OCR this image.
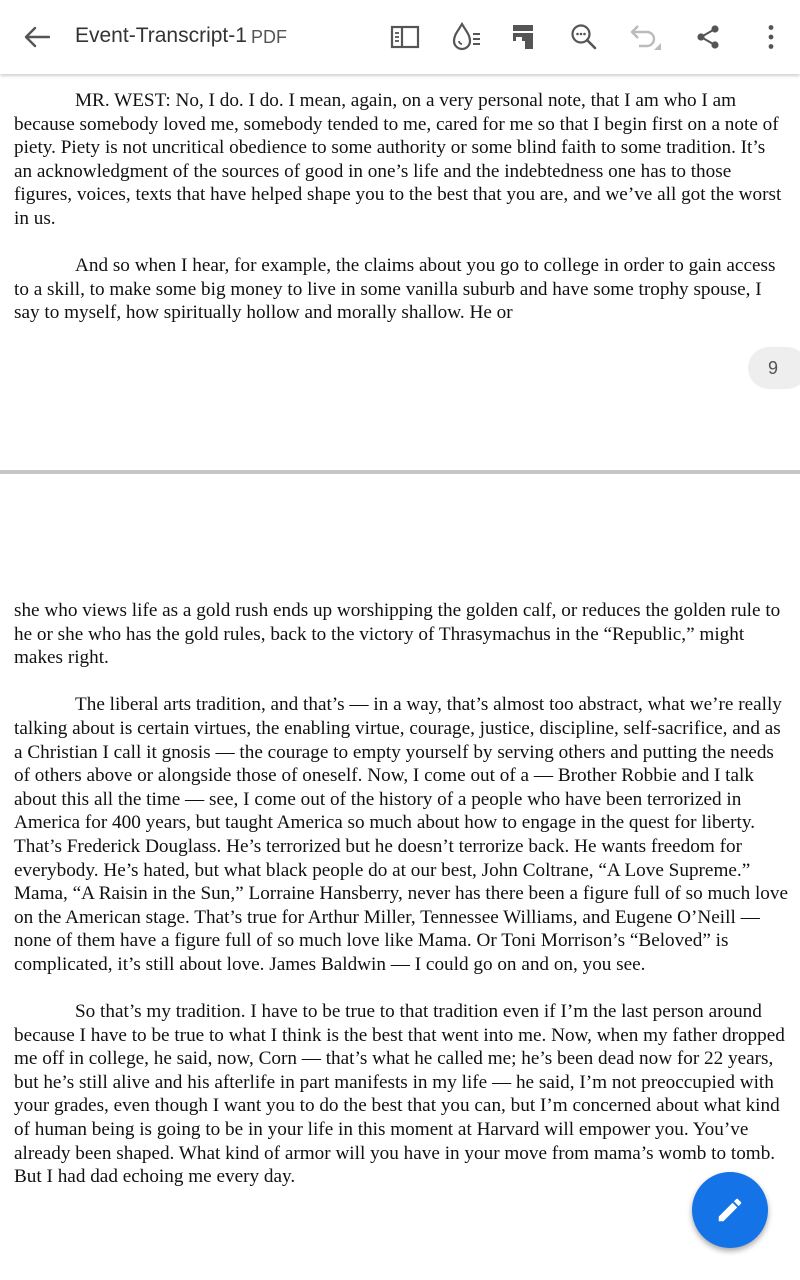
Event-Transcript-1 PDF

MR. WEST: No, I do. I do. I mean, again, on a very personal note, that I am who I am because somebody loved me, somebody tended to me, cared for me so that I begin first on a note of piety. Piety is not uncritical obedience to some authority or some blind faith to some tradition. It’s an acknowledgment of the sources of good in one’s life and the indebtedness one has to those figures, voices, texts that have helped shape you to the best that you are, and we’ve all got the worst in us.

And so when I hear, for example, the claims about you go to college in order to gain access to a skill, to make some big money to live in some vanilla suburb and have some trophy spouse, I say to myself, how spiritually hollow and morally shallow. He or

she who views life as a gold rush ends up worshipping the golden calf, or reduces the golden rule to he or she who has the gold rules, back to the victory of Thrasymachus in the “Republic,” might makes right.

The liberal arts tradition, and that’s — in a way, that’s almost too abstract, what we’re really talking about is certain virtues, the enabling virtue, courage, justice, discipline, self-sacrifice, and as a Christian I call it gnosis — the courage to empty yourself by serving others and putting the needs of others above or alongside those of oneself. Now, I come out of a — Brother Robbie and I talk about this all the time — see, I come out of the history of a people who have been terrorized in America for 400 years, but taught America so much about how to engage in the quest for liberty. That’s Frederick Douglass. He’s terrorized but he doesn’t terrorize back. He wants freedom for everybody. He’s hated, but what black people do at our best, John Coltrane, “A Love Supreme.” Mama, “A Raisin in the Sun,” Lorraine Hansberry, never has there been a figure full of so much love on the American stage. That’s true for Arthur Miller, Tennessee Williams, and Eugene O’Neill — none of them have a figure full of so much love like Mama. Or Toni Morrison’s “Beloved” is complicated, it’s still about love. James Baldwin — I could go on and on, you see.

So that’s my tradition. I have to be true to that tradition even if I’m the last person around because I have to be true to what I think is the best that went into me. Now, when my father dropped me off in college, he said, now, Corn — that’s what he called me; he’s been dead now for 22 years, but he’s still alive and his afterlife in part manifests in my life — he said, I’m not preoccupied with your grades, even though I want you to do the best that you can, but I’m concerned about what kind of human being is going to be in your life in this moment at Harvard will empower you. You’ve already been shaped. What kind of armor will you have in your move from mama’s womb to tomb. But I had dad echoing me every day.

9
